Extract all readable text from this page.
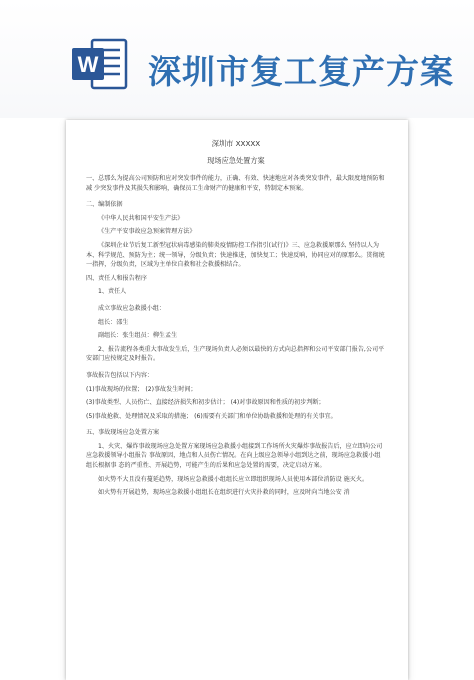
W 深圳市复工复产方案
深圳市 XXXXX
现场应急处置方案

一、总那么为提高公司预防和应对突发事件的能力，正确、有效、快速地应对各类突发事件，最大限度地预防和减 少突发事件及其损失和影响，确保员工生命财产的健康和平安，特制定本预案。

二、编制依据

《中华人民共和国平安生产法》

《生产平安事故应急预案管理方法》

《深圳企业节后复工新型冠状病毒感染的肺炎疫情防控工作指引(试行)》三、应急救援原那么 坚持以人为本、科学规范、预防为主；统一领导，分级负责；快速推进，加快复工；快速反响，协同应对的原那么。贯彻统一指挥，分级负责，区域为主单位自救和社会救援相结合。

四、责任人和报告程序

1、责任人

成立事故应急救援小组：

组长：邵生

副组长：张生组员：柳生孟生

2、报告流程各类重大事故发生后，生产现场负责人必须以最快的方式向总指挥和公司平安部门报告,公司平安部门应按规定及时报告。

事故报告包括以下内容：

(1)事故现场的位置； (2)事故发生时间；

(3)事故类型、人员伤亡、直接经济损失和初步估计； (4)对事故原因和性质的初步判断；

(5)事故抢救、处理情况及采取的措施； (6)需要有关部门和单位协助救援和处理的有关事宜。

五、事故现场应急处置方案

1、火灾、爆炸事故现场应急处置方案现场应急救援小组接到工作场所火灾爆炸事故报告后，应立即向公司应急救援领导小组报告 事故原因，地点和人员伤亡情况。在向上级应急领导小组到达之前，现场应急救援小组组长根据事 态的严重性、开展趋势，可能产生的后果和应急处置的需要，决定启动方案。

如火势不大且没有蔓延趋势，现场应急救援小组组长应立即组织现场人员使用本部位消防设 施灭火。

如火势有开展趋势，现场应急救援小组组长在组织进行火灾扑救的同时，应及时向当地公安 消
